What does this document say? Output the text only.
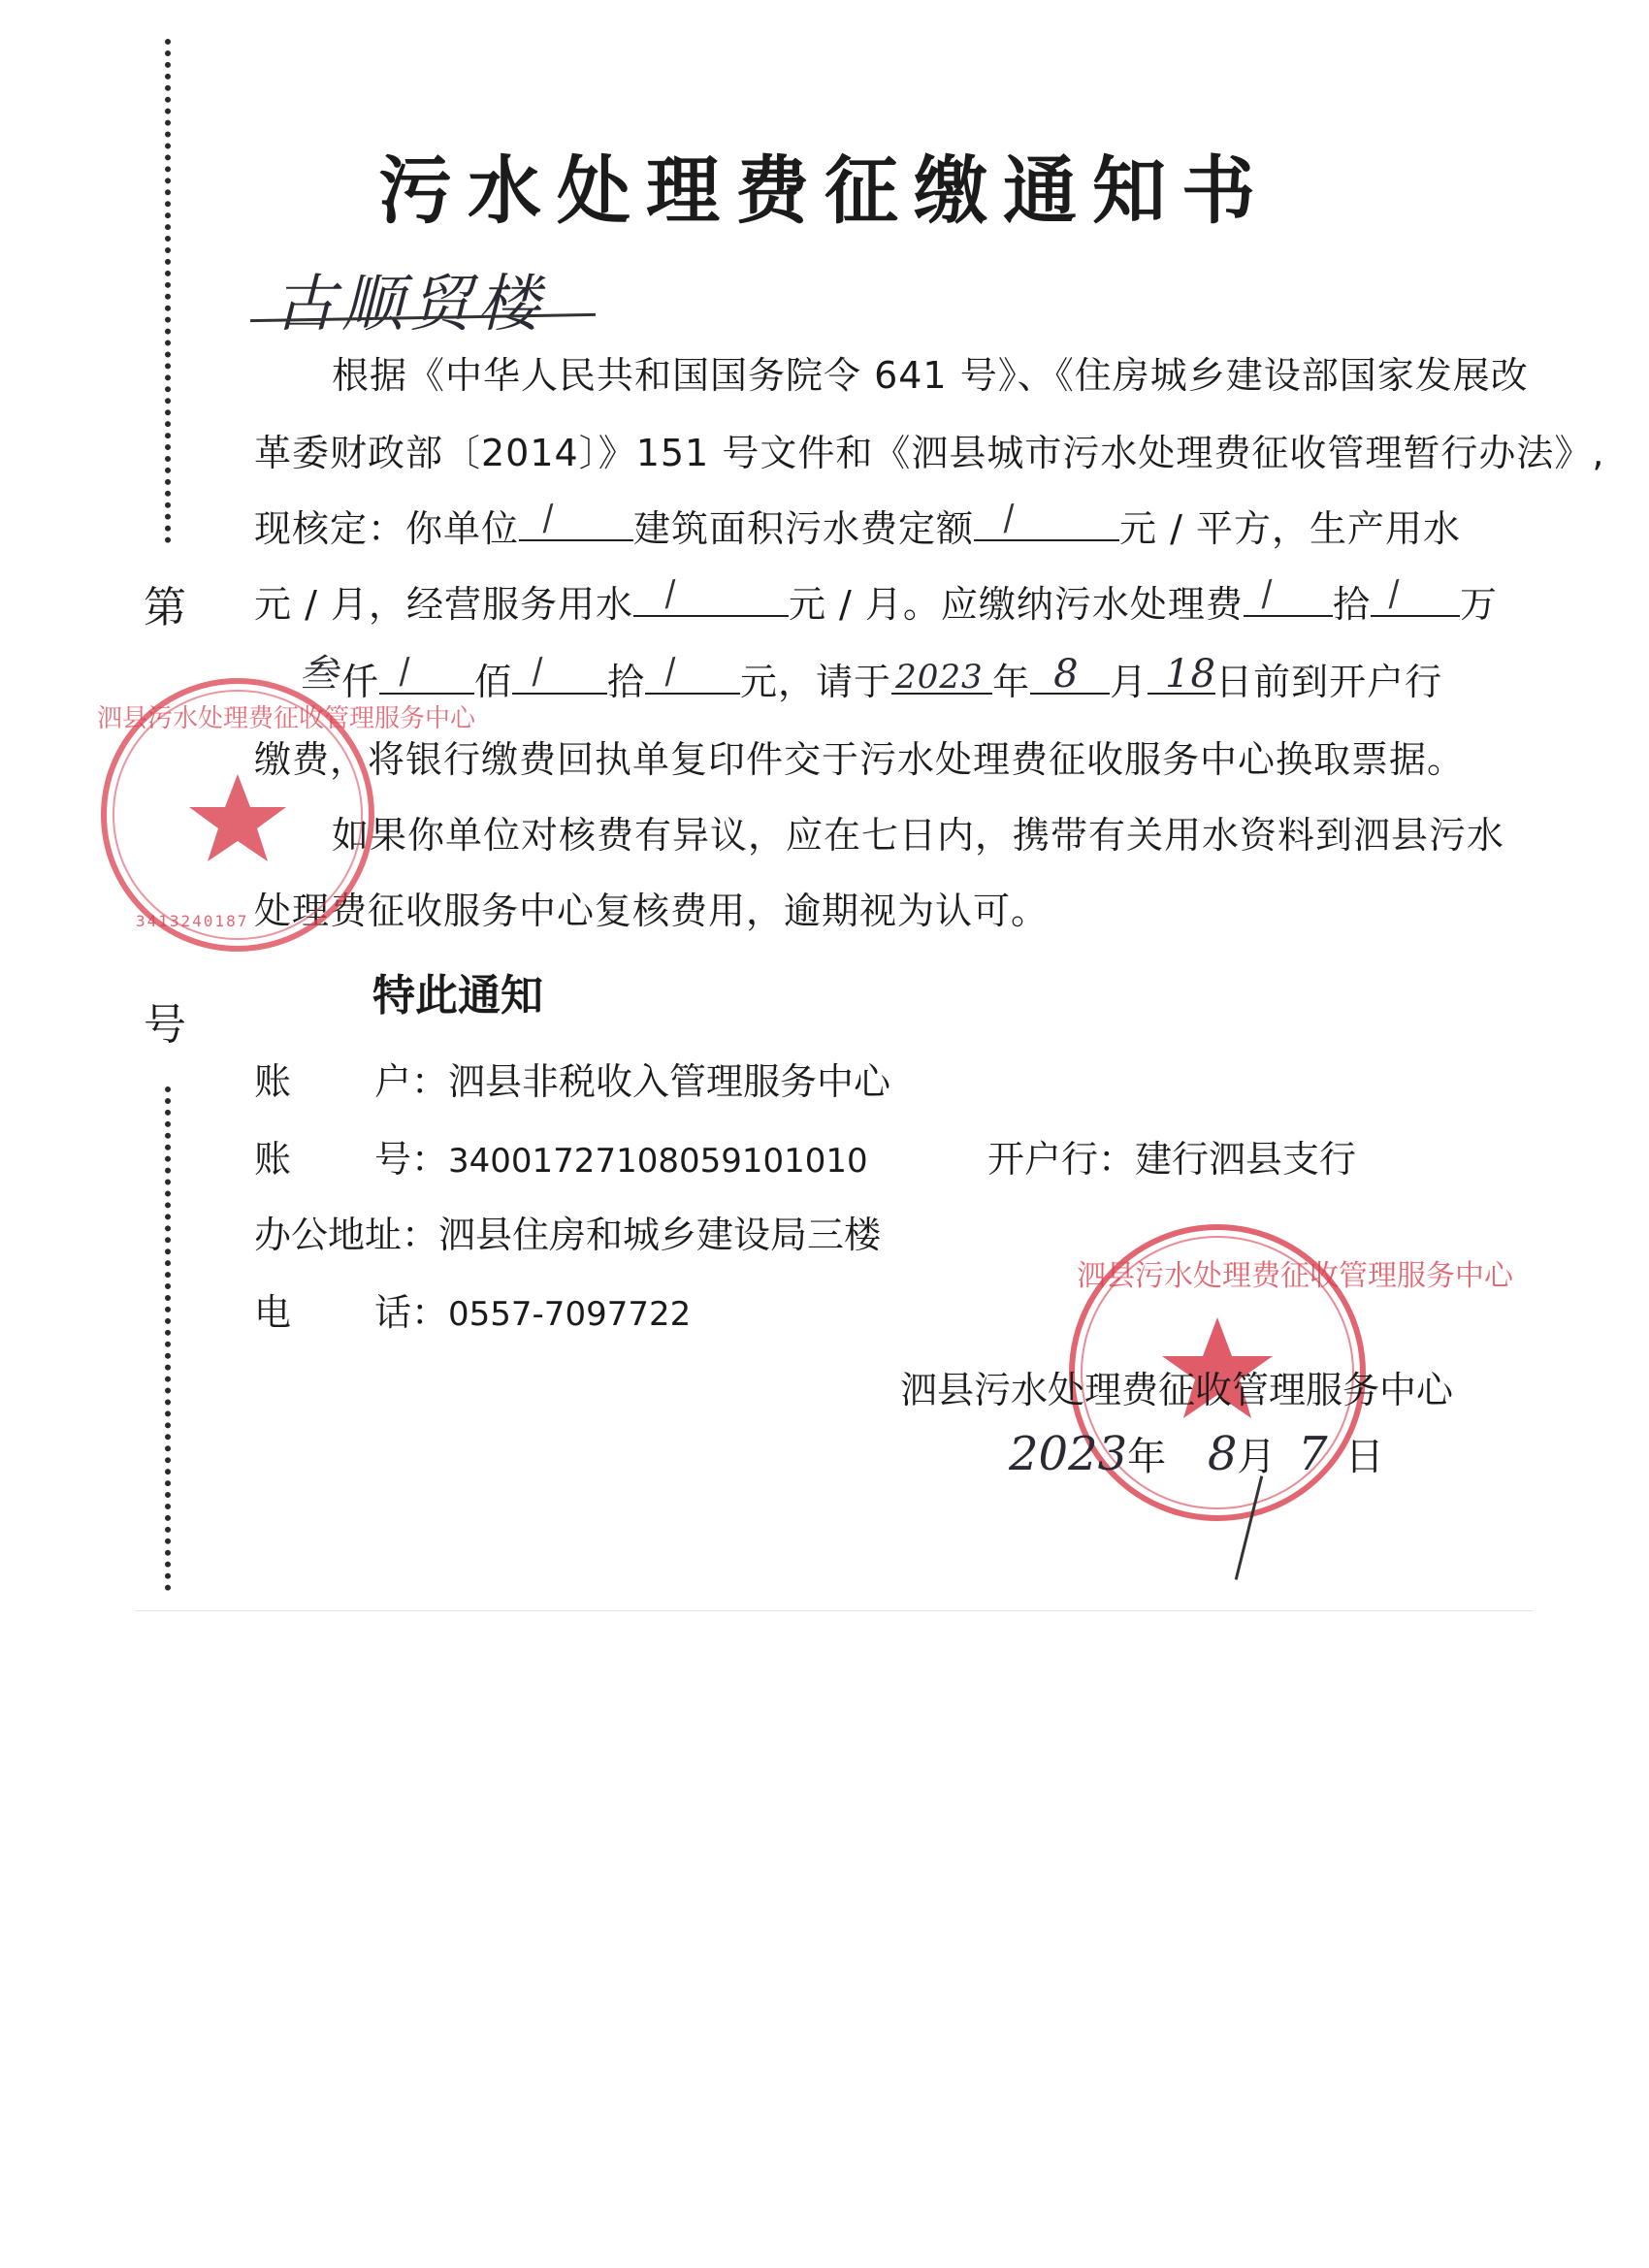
第
号
污水处理费征缴通知书
古顺贸楼
根据《中华人民共和国国务院令 641 号》、《住房城乡建设部国家发展改
革委财政部〔2014〕》151 号文件和《泗县城市污水处理费征收管理暂行办法》,
现核定：你单位 / 建筑面积污水费定额 /	元 / 平方，生产用水
元 / 月，经营服务用水 /	元 / 月。应缴纳污水处理费 / 拾 / 万
叁 仟 / 佰 / 拾 / 元，请于 2023 年 8 月 18 日前到开户行
缴费，将银行缴费回执单复印件交于污水处理费征收服务中心换取票据。
如果你单位对核费有异议，应在七日内，携带有关用水资料到泗县污水
处理费征收服务中心复核费用，逾期视为认可。
特此通知
账 户：泗县非税收入管理服务中心
账 号：34001727108059101010	开户行：建行泗县支行
办公地址：泗县住房和城乡建设局三楼
电 话：0557-7097722
泗县污水处理费征收管理服务中心
泗县污水处理费征收管理服务中心
3413240187
泗县污水处理费征收管理服务中心
2023年 8月 7 日
